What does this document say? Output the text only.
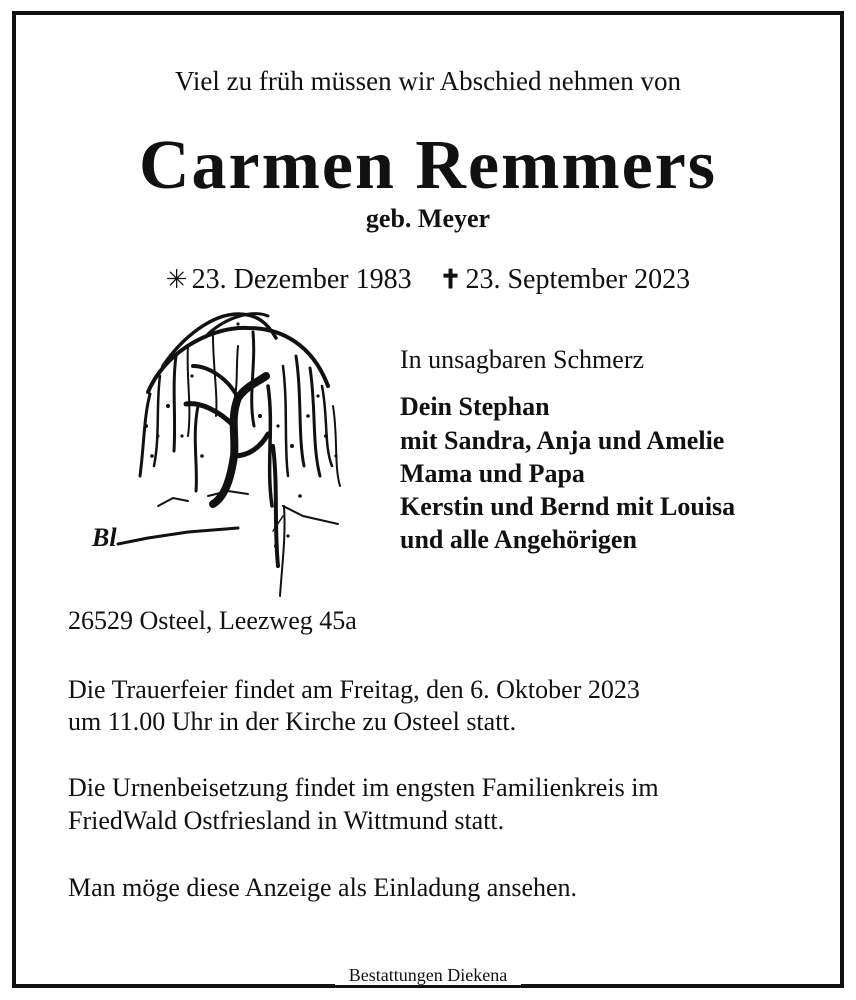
Viel zu früh müssen wir Abschied nehmen von
Carmen Remmers
geb. Meyer
✳ 23. Dezember 1983 ✝ 23. September 2023
Bl
In unsagbaren Schmerz
Dein Stephan
mit Sandra, Anja und Amelie
Mama und Papa
Kerstin und Bernd mit Louisa
und alle Angehörigen
26529 Osteel, Leezweg 45a
Die Trauerfeier findet am Freitag, den 6. Oktober 2023
um 11.00 Uhr in der Kirche zu Osteel statt.
Die Urnenbeisetzung findet im engsten Familienkreis im
FriedWald Ostfriesland in Wittmund statt.
Man möge diese Anzeige als Einladung ansehen.
Bestattungen Diekena
